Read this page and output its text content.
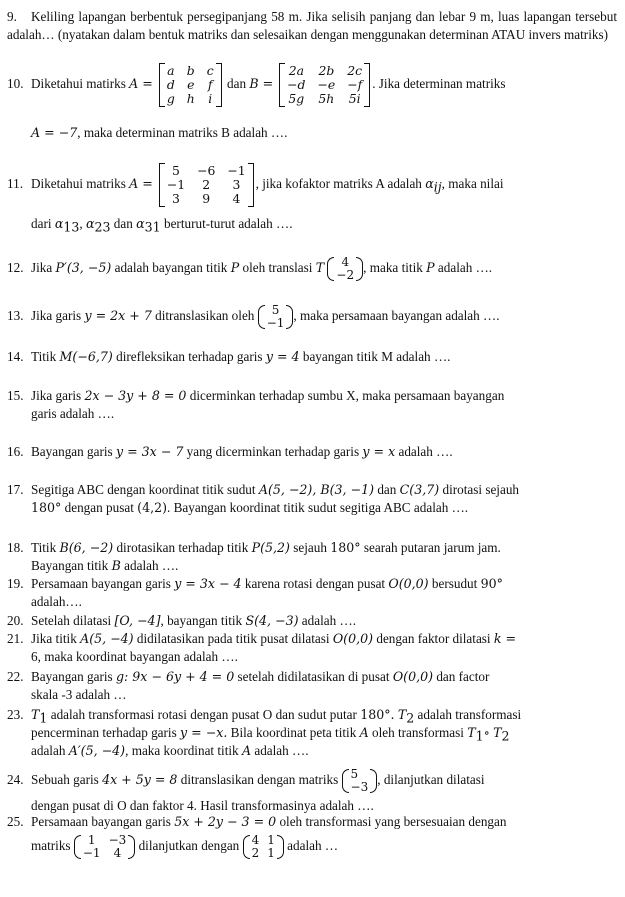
9. Keliling lapangan berbentuk persegipanjang 58 m. Jika selisih panjang dan lebar 9 m, luas lapangan tersebut adalah… (nyatakan dalam bentuk matriks dan selesaikan dengan menggunakan determinan ATAU invers matriks)
10. Diketahui matirks A =
a	b	c
d	e	f
g	h	i
dan B =
2a	2b	2c
−d	−e	−f
5g	5h	5i
. Jika determinan matriks
A = −7, maka determinan matriks B adalah ….
11. Diketahui matriks A =
5	−6	−1
−1	2	3
3	9	4
, jika kofaktor matriks A adalah $\alpha_{ij}$, maka nilai
dari $\alpha_{13}$, $\alpha_{23}$ dan $\alpha_{31}$ berturut-turut adalah ….
12. Jika P′(3, −5) adalah bayangan titik P oleh translasi T 4
−2 , maka titik P adalah ….
13. Jika garis y = 2x + 7 ditranslasikan oleh 5
−1 , maka persamaan bayangan adalah ….
14. Titik M(−6,7) direfleksikan terhadap garis y = 4 bayangan titik M adalah ….
15. Jika garis 2x − 3y + 8 = 0 dicerminkan terhadap sumbu X, maka persamaan bayangan
garis adalah ….
16. Bayangan garis y = 3x − 7 yang dicerminkan terhadap garis y = x adalah ….
17. Segitiga ABC dengan koordinat titik sudut A(5, −2), B(3, −1) dan C(3,7) dirotasi sejauh
180° dengan pusat (4,2). Bayangan koordinat titik sudut segitiga ABC adalah ….
18. Titik B(6, −2) dirotasikan terhadap titik P(5,2) sejauh 180° searah putaran jarum jam.
Bayangan titik B adalah ….
19. Persamaan bayangan garis y = 3x − 4 karena rotasi dengan pusat O(0,0) bersudut 90°
adalah….
20. Setelah dilatasi [O, −4], bayangan titik S(4, −3) adalah ….
21. Jika titik A(5, −4) didilatasikan pada titik pusat dilatasi O(0,0) dengan faktor dilatasi k =
6, maka koordinat bayangan adalah ….
22. Bayangan garis g: 9x − 6y + 4 = 0 setelah didilatasikan di pusat O(0,0) dan factor
skala -3 adalah …
23. $T_1$ adalah transformasi rotasi dengan pusat O dan sudut putar 180°. $T_2$ adalah transformasi
pencerminan terhadap garis y = −x. Bila koordinat peta titik A oleh transformasi $T_1\circ$ $T_2$
adalah A′(5, −4), maka koordinat titik A adalah ….
24. Sebuah garis 4x + 5y = 8 ditranslasikan dengan matriks 5
−3 , dilanjutkan dilatasi
dengan pusat di O dan faktor 4. Hasil transformasinya adalah ….
25. Persamaan bayangan garis 5x + 2y − 3 = 0 oleh transformasi yang bersesuaian dengan
matriks 1	−3
−1	4 dilanjutkan dengan 4	1
2	1 adalah …
